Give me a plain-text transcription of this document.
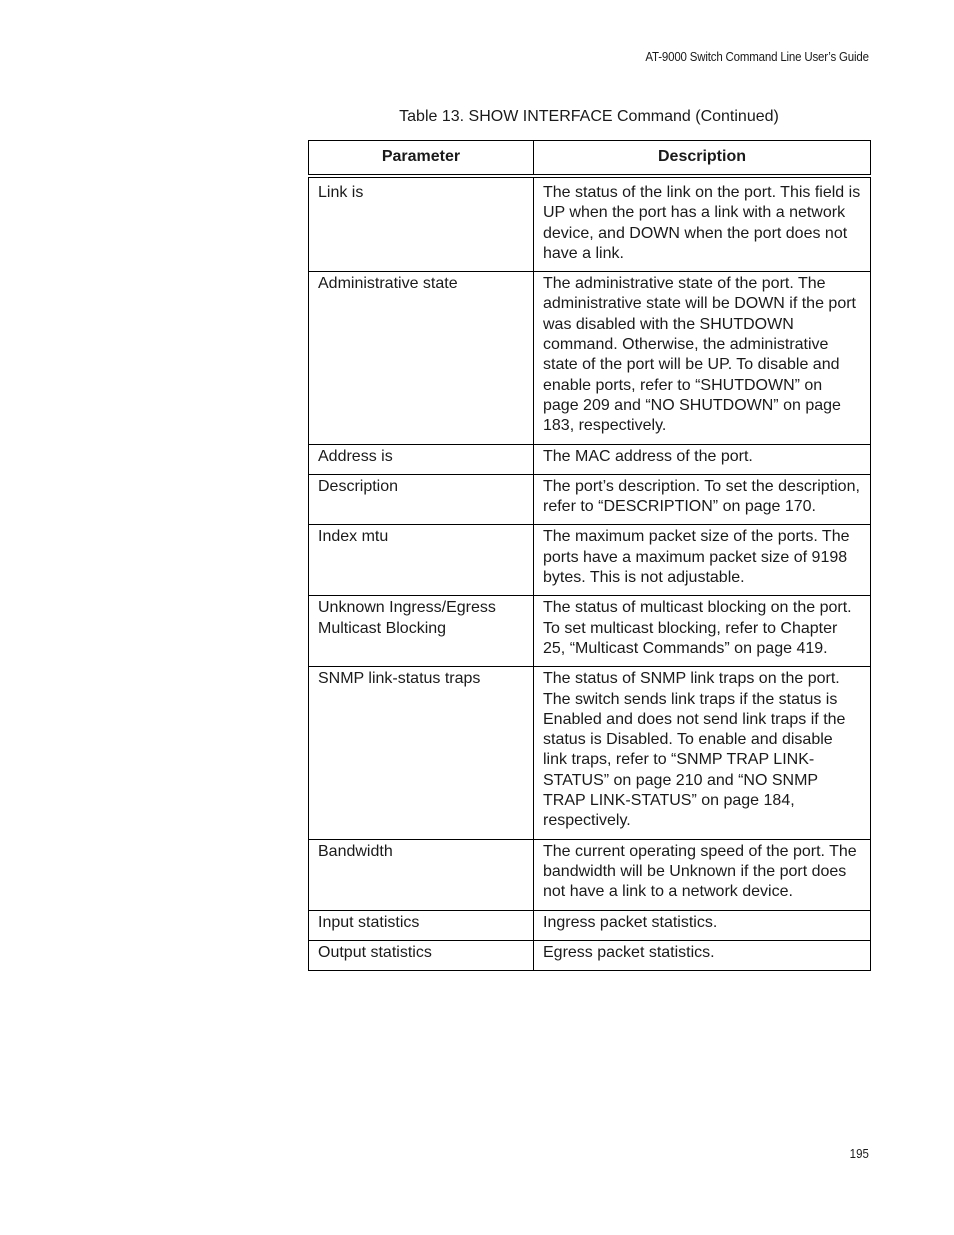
AT-9000 Switch Command Line User’s Guide
Table 13. SHOW INTERFACE Command (Continued)
Parameter	Description
Link is	The status of the link on the port. This field is UP when the port has a link with a network device, and DOWN when the port does not have a link.
Administrative state	The administrative state of the port. The administrative state will be DOWN if the port was disabled with the SHUTDOWN command. Otherwise, the administrative state of the port will be UP. To disable and enable ports, refer to “SHUTDOWN” on page 209 and “NO SHUTDOWN” on page 183, respectively.
Address is	The MAC address of the port.
Description	The port’s description. To set the description, refer to “DESCRIPTION” on page 170.
Index mtu	The maximum packet size of the ports. The ports have a maximum packet size of 9198 bytes. This is not adjustable.
Unknown Ingress/Egress Multicast Blocking	The status of multicast blocking on the port. To set multicast blocking, refer to Chapter 25, “Multicast Commands” on page 419.
SNMP link-status traps	The status of SNMP link traps on the port. The switch sends link traps if the status is Enabled and does not send link traps if the status is Disabled. To enable and disable link traps, refer to “SNMP TRAP LINK-STATUS” on page 210 and “NO SNMP TRAP LINK-STATUS” on page 184, respectively.
Bandwidth	The current operating speed of the port. The bandwidth will be Unknown if the port does not have a link to a network device.
Input statistics	Ingress packet statistics.
Output statistics	Egress packet statistics.
195
